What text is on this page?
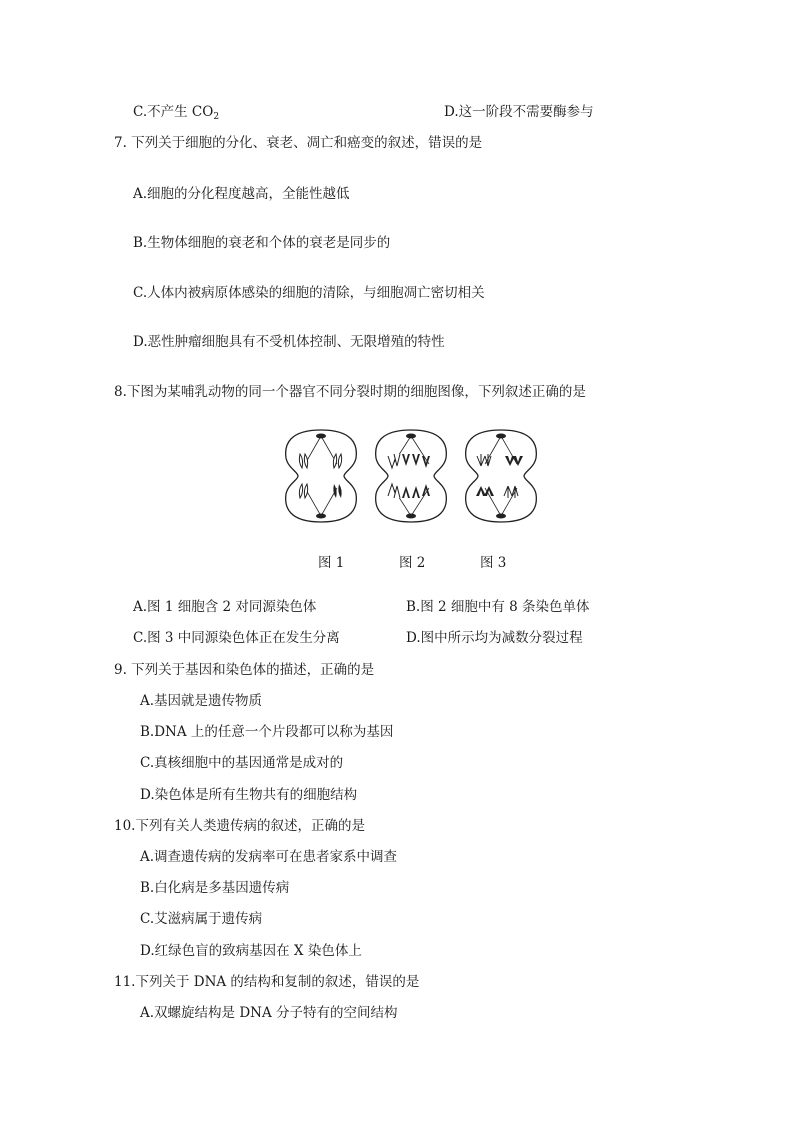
C.不产生 $CO_2$	D.这一阶段不需要酶参与
7. 下列关于细胞的分化、衰老、凋亡和癌变的叙述，错误的是
A.细胞的分化程度越高，全能性越低
B.生物体细胞的衰老和个体的衰老是同步的
C.人体内被病原体感染的细胞的清除，与细胞凋亡密切相关
D.恶性肿瘤细胞具有不受机体控制、无限增殖的特性
8.下图为某哺乳动物的同一个器官不同分裂时期的细胞图像，下列叙述正确的是
图 1	图 2	图 3
A.图 1 细胞含 2 对同源染色体	B.图 2 细胞中有 8 条染色单体
C.图 3 中同源染色体正在发生分离	D.图中所示均为减数分裂过程
9. 下列关于基因和染色体的描述，正确的是
A.基因就是遗传物质
B.DNA 上的任意一个片段都可以称为基因
C.真核细胞中的基因通常是成对的
D.染色体是所有生物共有的细胞结构
10.下列有关人类遗传病的叙述，正确的是
A.调查遗传病的发病率可在患者家系中调查
B.白化病是多基因遗传病
C.艾滋病属于遗传病
D.红绿色盲的致病基因在 X 染色体上
11.下列关于 DNA 的结构和复制的叙述，错误的是
A.双螺旋结构是 DNA 分子特有的空间结构
